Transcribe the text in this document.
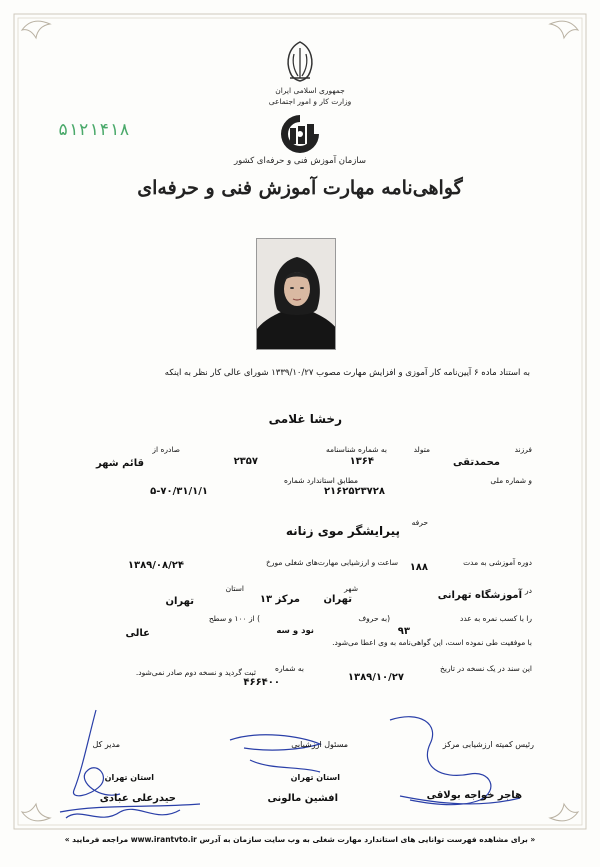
جمهوری اسلامی ایران
وزارت کار و امور اجتماعی
۵۱۲۱۴۱۸
سازمان آموزش فنی و حرفه‌ای کشور
گواهی‌نامه مهارت آموزش فنی و حرفه‌ای
به استناد ماده ۶ آیین‌نامه کار آموزی و افزایش مهارت مصوب ۱۳۳۹/۱۰/۲۷ شورای عالی کار نظر به اینکه
رخشا غلامی
فرزند
محمدتقی
متولد
۱۳۶۴
به شماره شناسنامه
۲۳۵۷
صادره از
قائم شهر
و شماره ملی
۲۱۶۲۵۲۳۷۲۸
مطابق استاندارد شماره
۵-۷۰/۳۱/۱/۱
حرفه
پیرایشگر موی زنانه
دوره آموزشی به مدت
۱۸۸
ساعت و ارزشیابی مهارت‌های شغلی مورخ
۱۳۸۹/۰۸/۲۴
در
آموزشگاه تهرانی
شهر
تهران
مرکز ۱۳
استان
تهران
را با کسب نمره به عدد
۹۳
(به حروف
نود و سه
) از ۱۰۰ و سطح
عالی
با موفقیت طی نموده است، این گواهی‌نامه به وی اعطا می‌شود.
این سند در یک نسخه در تاریخ
۱۳۸۹/۱۰/۲۷
به شماره
۴۶۶۴۰۰
ثبت گردید و نسخه دوم صادر نمی‌شود.
رئیس کمیته ارزشیابی مرکز
هاجر خواجه بولاقی
مسئول ارزشیابی
استان تهران
افشین مالونی
مدیر کل
استان تهران
حیدرعلی عبادی
« برای مشاهده فهرست توانایی های استاندارد مهارت شغلی به وب سایت سازمان به آدرس www.irantvto.ir مراجعه فرمایید »
